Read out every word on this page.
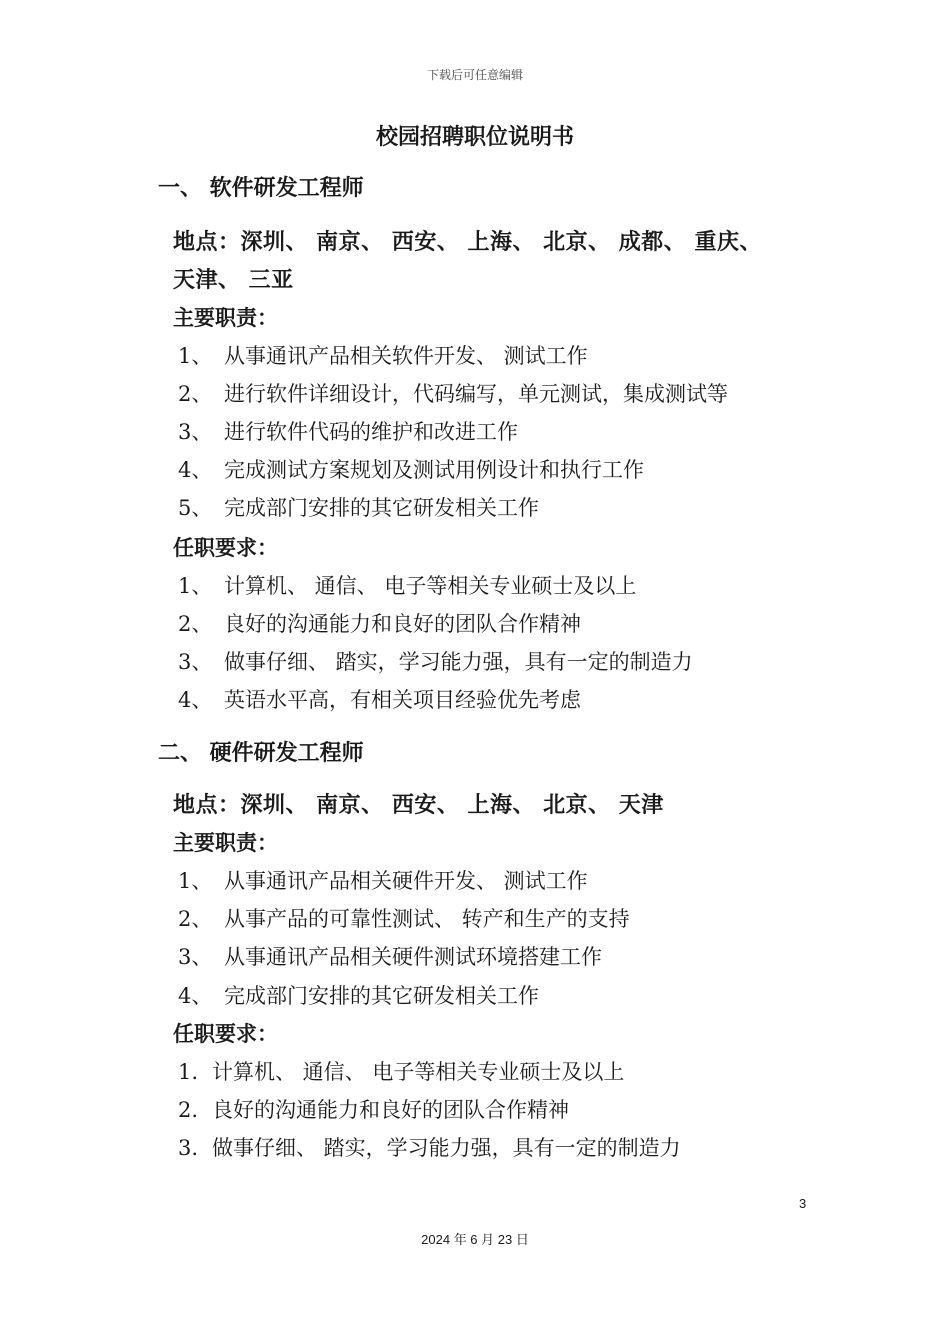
下载后可任意编辑
校园招聘职位说明书
一、 软件研发工程师
地点：深圳、 南京、 西安、 上海、 北京、 成都、 重庆、
天津、 三亚
主要职责：
1、 从事通讯产品相关软件开发、 测试工作
2、 进行软件详细设计，代码编写，单元测试，集成测试等
3、 进行软件代码的维护和改进工作
4、 完成测试方案规划及测试用例设计和执行工作
5、 完成部门安排的其它研发相关工作
任职要求：
1、 计算机、 通信、 电子等相关专业硕士及以上
2、 良好的沟通能力和良好的团队合作精神
3、 做事仔细、 踏实，学习能力强，具有一定的制造力
4、 英语水平高，有相关项目经验优先考虑
二、 硬件研发工程师
地点：深圳、 南京、 西安、 上海、 北京、 天津
主要职责：
1、 从事通讯产品相关硬件开发、 测试工作
2、 从事产品的可靠性测试、 转产和生产的支持
3、 从事通讯产品相关硬件测试环境搭建工作
4、 完成部门安排的其它研发相关工作
任职要求：
1. 计算机、 通信、 电子等相关专业硕士及以上
2. 良好的沟通能力和良好的团队合作精神
3. 做事仔细、 踏实，学习能力强，具有一定的制造力
3
2024 年 6 月 23 日
